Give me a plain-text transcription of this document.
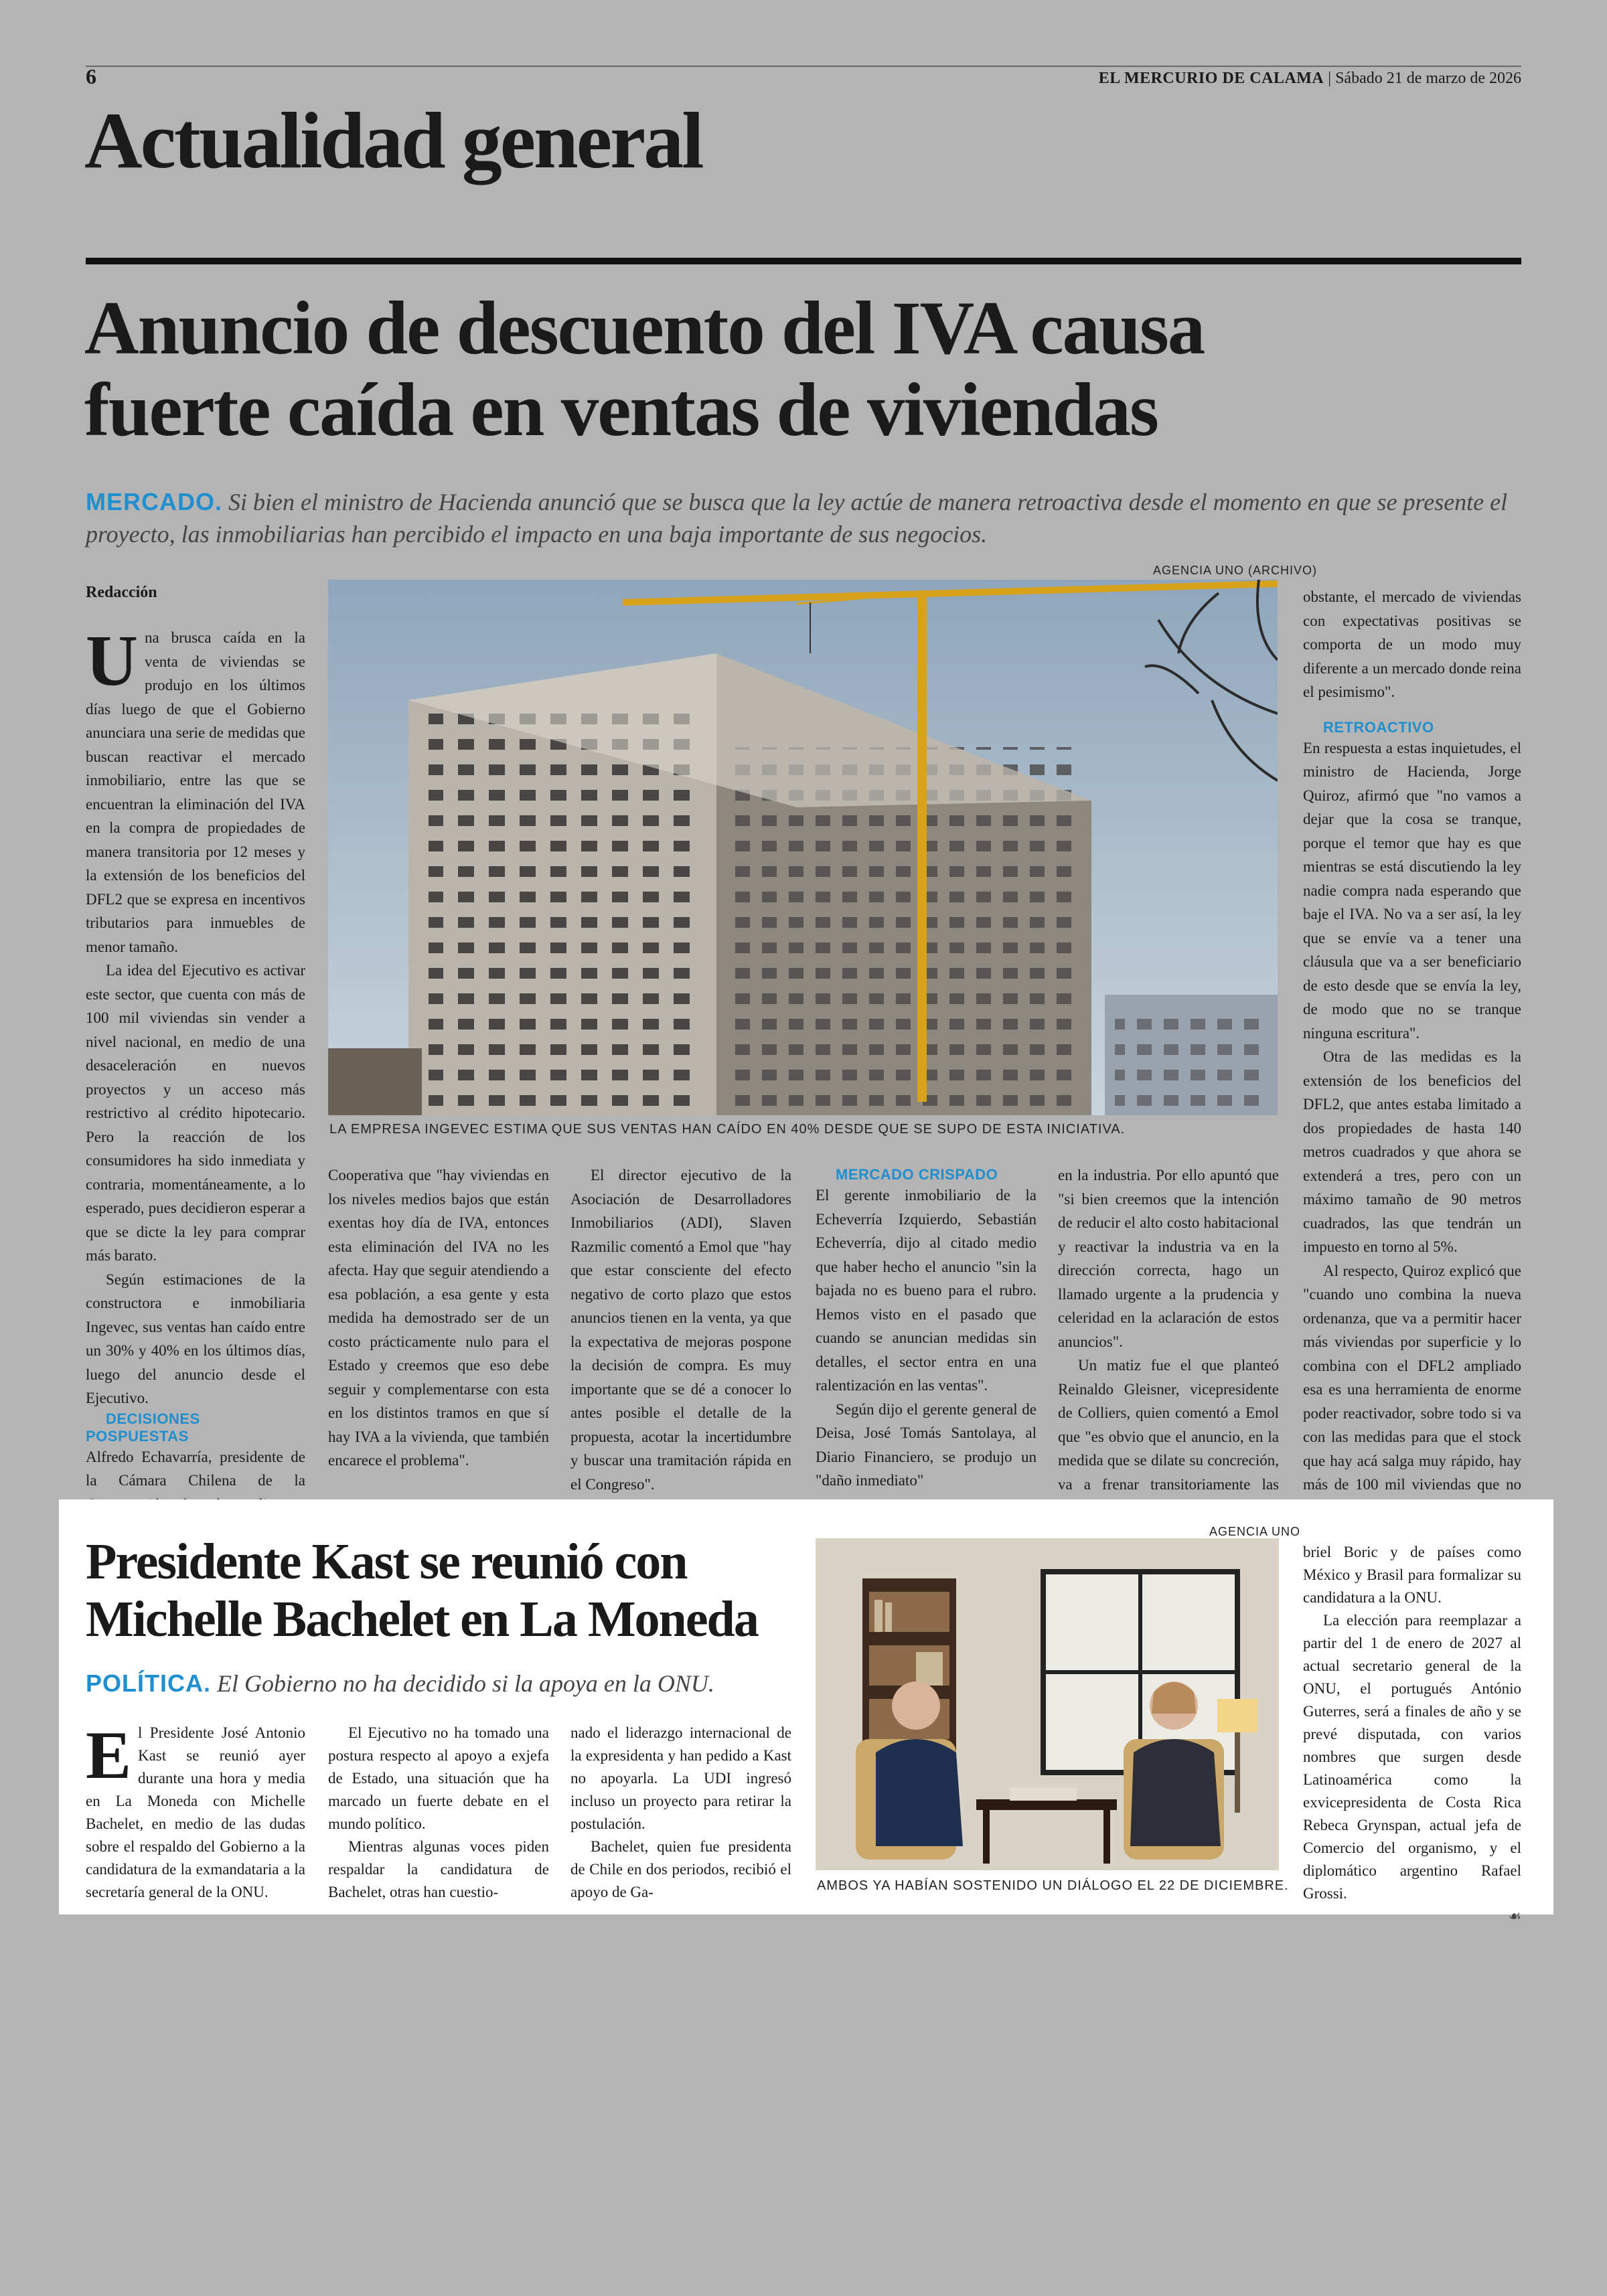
6	EL MERCURIO DE CALAMA | Sábado 21 de marzo de 2026
Actualidad general
Anuncio de descuento del IVA causa
fuerte caída en ventas de viviendas
MERCADO. Si bien el ministro de Hacienda anunció que se busca que la ley actúe de manera retroactiva desde el momento en que se presente el proyecto, las inmobiliarias han percibido el impacto en una baja importante de sus negocios.
Redacción

Una brusca caída en la venta de viviendas se produjo en los últimos días luego de que el Gobierno anunciara una serie de medidas que buscan reactivar el mercado inmobiliario, entre las que se encuentran la eliminación del IVA en la compra de propiedades de manera transitoria por 12 meses y la extensión de los beneficios del DFL2 que se expresa en incentivos tributarios para inmuebles de menor tamaño.

La idea del Ejecutivo es activar este sector, que cuenta con más de 100 mil viviendas sin vender a nivel nacional, en medio de una desaceleración en nuevos proyectos y un acceso más restrictivo al crédito hipotecario. Pero la reacción de los consumidores ha sido inmediata y contraria, momentáneamente, a lo esperado, pues decidieron esperar a que se dicte la ley para comprar más barato.

Según estimaciones de la constructora e inmobiliaria Ingevec, sus ventas han caído entre un 30% y 40% en los últimos días, luego del anuncio desde el Ejecutivo.

DECISIONES POSPUESTAS

Alfredo Echavarría, presidente de la Cámara Chilena de la

AGENCIA UNO (ARCHIVO)
LA EMPRESA INGEVEC ESTIMA QUE SUS VENTAS HAN CAÍDO EN 40% DESDE QUE SE SUPO DE ESTA INICIATIVA.

Cooperativa que "hay viviendas en los niveles medios bajos que están exentas hoy día de IVA, entonces esta eliminación del IVA no les afecta. Hay que seguir atendiendo a esa población, a esa gente y esta medida ha demostrado ser de un costo prácticamente nulo para el Estado y creemos que eso debe seguir y complementarse con esta en los distintos tramos en que sí hay IVA a la vivienda, que también encarece el problema".

El director ejecutivo de la Asociación de Desarrolladores Inmobiliarios (ADI), Slaven Razmilic comentó a Emol que "hay que estar consciente del efecto negativo de corto plazo que estos anuncios tienen en la venta, ya que la expectativa de mejoras pospone la decisión de compra. Es muy importante que se dé a conocer lo antes posible el detalle de la propuesta, acotar la incertidumbre y buscar una tramitación rápida en el Congreso".

MERCADO CRISPADO

El gerente inmobiliario de la Echeverría Izquierdo, Sebastián Echeverría, dijo al citado medio que haber hecho el anuncio "sin la bajada no es bueno para el rubro. Hemos visto en el pasado que cuando se anuncian medidas sin detalles, el sector entra en una ralentización en las ventas".

Según dijo el gerente general de Deisa, José Tomás Santolaya, al Diario Financiero, se produjo un "daño inmediato"

en la industria. Por ello apuntó que "si bien creemos que la intención de reducir el alto costo habitacional y reactivar la industria va en la dirección correcta, hago un llamado urgente a la prudencia y celeridad en la aclaración de estos anuncios".

Un matiz fue el que planteó Reinaldo Gleisner, vicepresidente de Colliers, quien comentó a Emol que "es obvio que el anuncio, en la medida que se dilate su concreción, va a frenar transitoriamente las

obstante, el mercado de viviendas con expectativas positivas se comporta de un modo muy diferente a un mercado donde reina el pesimismo".

RETROACTIVO

En respuesta a estas inquietudes, el ministro de Hacienda, Jorge Quiroz, afirmó que "no vamos a dejar que la cosa se tranque, porque el temor que hay es que mientras se está discutiendo la ley nadie compra nada esperando que baje el IVA. No va a ser así, la ley que se envíe va a tener una cláusula que va a ser beneficiario de esto desde que se envía la ley, de modo que no se tranque ninguna escritura".

Otra de las medidas es la extensión de los beneficios del DFL2, que antes estaba limitado a dos propiedades de hasta 140 metros cuadrados y que ahora se extenderá a tres, pero con un máximo tamaño de 90 metros cuadrados, las que tendrán un impuesto en torno al 5%.

Al respecto, Quiroz explicó que "cuando uno combina la nueva ordenanza, que va a permitir hacer más viviendas por superficie y lo combina con el DFL2 ampliado esa es una herramienta de enorme poder reactivador, sobre todo si va con las medidas para que el stock que hay acá salga muy rápido, hay más de 100 mil viviendas que no

Presidente Kast se reunió con
Michelle Bachelet en La Moneda
POLÍTICA. El Gobierno no ha decidido si la apoya en la ONU.

El Presidente José Antonio Kast se reunió ayer durante una hora y media en La Moneda con Michelle Bachelet, en medio de las dudas sobre el respaldo del Gobierno a la candidatura de la exmandataria a la secretaría general de la ONU.

El Ejecutivo no ha tomado una postura respecto al apoyo a exjefa de Estado, una situación que ha marcado un fuerte debate en el mundo político.

Mientras algunas voces piden respaldar la candidatura de Bachelet, otras han cuestio-

nado el liderazgo internacional de la expresidenta y han pedido a Kast no apoyarla. La UDI ingresó incluso un proyecto para retirar la postulación.

Bachelet, quien fue presidenta de Chile en dos periodos, recibió el apoyo de Ga-

AGENCIA UNO
AMBOS YA HABÍAN SOSTENIDO UN DIÁLOGO EL 22 DE DICIEMBRE.

briel Boric y de países como México y Brasil para formalizar su candidatura a la ONU.

La elección para reemplazar a partir del 1 de enero de 2027 al actual secretario general de la ONU, el portugués António Guterres, será a finales de año y se prevé disputada, con varios nombres que surgen desde Latinoamérica como la exvicepresidenta de Costa Rica Rebeca Grynspan, actual jefa de Comercio del organismo, y el diplomático argentino Rafael Grossi.

☙
